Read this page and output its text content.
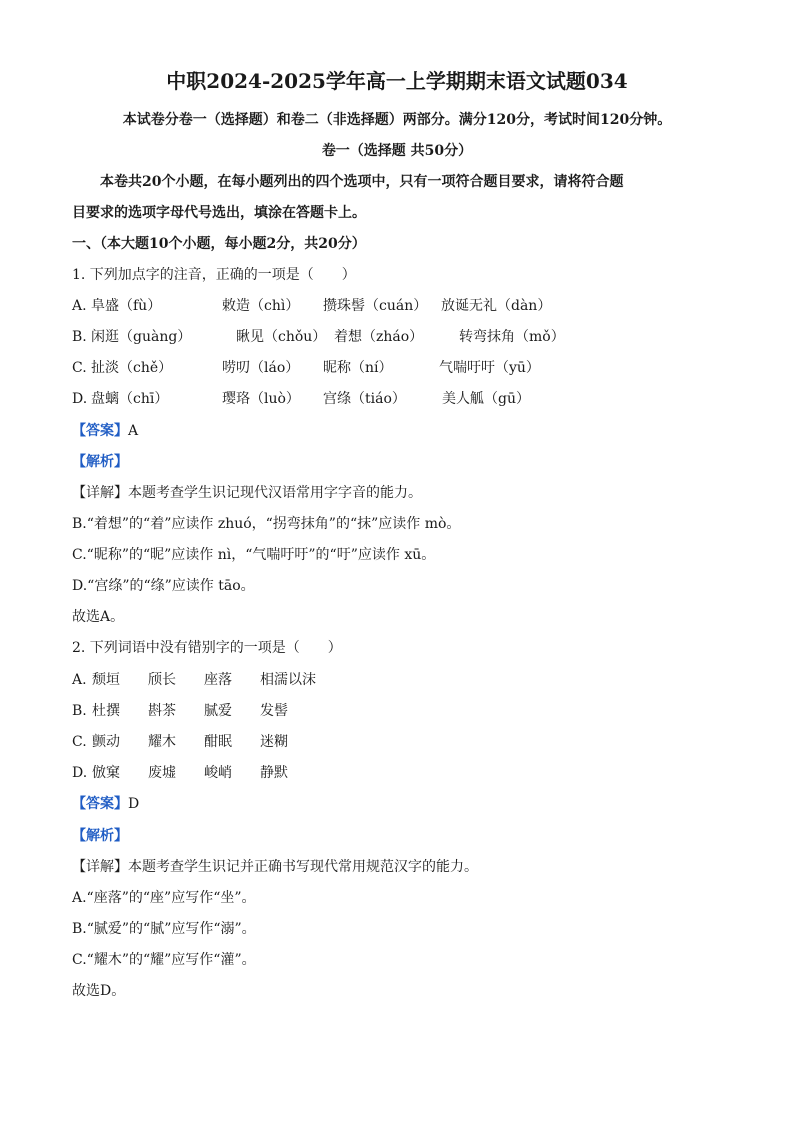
中职2024-2025学年高一上学期期末语文试题034
本试卷分卷一（选择题）和卷二（非选择题）两部分。满分120分，考试时间120分钟。
卷一（选择题 共50分）
本卷共20个小题，在每小题列出的四个选项中，只有一项符合题目要求，请将符合题
目要求的选项字母代号选出，填涂在答题卡上。
一、（本大题10个小题，每小题2分，共20分）
1. 下列加点字的注音，正确的一项是（　　）
A. 阜盛（fù）	敕造（chì） 攒珠髻（cuán） 放诞无礼（dàn）
B. 闲逛（guàng）	瞅见（chǒu） 着想（zháo）	转弯抹角（mǒ）
C. 扯淡（chě）	唠叨（láo） 昵称（ní）	气喘吁吁（yū）
D. 盘螭（chī）	璎珞（luò） 宫绦（tiáo）	美人觚（gū）
【答案】A
【解析】
【详解】本题考查学生识记现代汉语常用字字音的能力。
B.“着想”的“着”应读作 zhuó，“拐弯抹角”的“抹”应读作 mò。
C.“昵称”的“昵”应读作 nì，“气喘吁吁”的“吁”应读作 xū。
D.“宫绦”的“绦”应读作 tāo。
故选A。
2. 下列词语中没有错别字的一项是（　　）
A. 颓垣 颀长 座落 相濡以沫
B. 杜撰 斟茶 腻爱 发髻
C. 颤动 耀木 酣眠 迷糊
D. 倣窠 废墟 峻峭 静默
【答案】D
【解析】
【详解】本题考查学生识记并正确书写现代常用规范汉字的能力。
A.“座落”的“座”应写作“坐”。
B.“腻爱”的“腻”应写作“溺”。
C.“耀木”的“耀”应写作“灌”。
故选D。
